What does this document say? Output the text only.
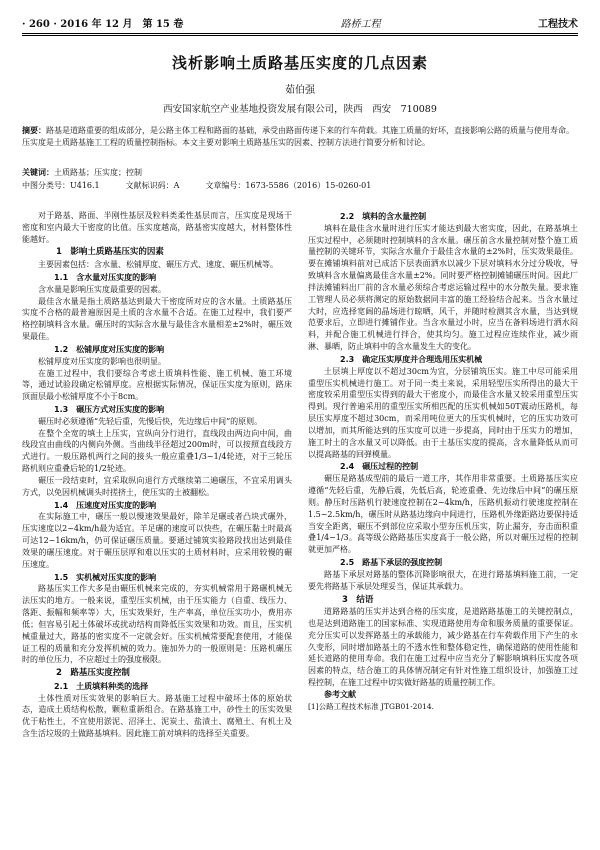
· 260 · 2016 年 12 月　第 15 卷	路桥工程	工程技术
浅析影响土质路基压实度的几点因素
茹伯强
西安国家航空产业基地投资发展有限公司，陕西　西安　710089
摘要：路基是道路重要的组成部分，是公路主体工程和路面的基础，承受由路面传递下来的行车荷载。其施工质量的好坏，直接影响公路的质量与使用寿命。压实度是土质路基施工工程的质量控制指标。本文主要对影响土质路基压实的因素、控制方法进行简要分析和讨论。
关键词：土质路基；压实度；控制
中图分类号：U416.1	文献标识码：A	文章编号：1673-5586（2016）15-0260-01

对于路基、路面、半刚性基层及粒料类柔性基层而言，压实度是现场干密度和室内最大干密度的比值。压实度越高，路基密实度越大，材料整体性能越好。

1　影响土质路基压实的因素

主要因素包括：含水量、松铺厚度、碾压方式、速度、碾压机械等。

1.1　含水量对压实度的影响

含水量是影响压实度最重要的因素。

最佳含水量是指土质路基达到最大干密度所对应的含水量。土质路基压实度不合格的最普遍原因是土质的含水量不合适。在施工过程中，我们要严格控制填料含水量。碾压时的实际含水量与最佳含水量相差±2%时，碾压效果最佳。

1.2　松铺厚度对压实度的影响

松铺厚度对压实度的影响也很明显。

在施工过程中，我们要综合考虑土质填料性能、施工机械、施工环境等，通过试验段确定松铺厚度。应根据实际情况，保证压实度为原则，路床顶面层最小松铺厚度不小于8cm。

1.3　碾压方式对压实度的影响

碾压时必须遵循“先轻后重，先慢后快，先边缘后中间”的原则。

在整个全宽的填土上压实，宜纵向分行进行，直线段由两边向中间，曲线段宜由曲线的内侧向外侧。当曲线半径超过200m时，可以按照直线段方式进行。一般压路机两行之间的接头一般应重叠1/3~1/4轮迹，对于三轮压路机则应重叠后轮的1/2轮迹。

碾压一段结束时，宜采取纵向退行方式继续第二遍碾压，不宜采用调头方式，以免因机械调头时搓挤土，使压实的土被翻松。

1.4　压速度对压实度的影响

在实际施工中，碾压一般以慢速效果最好，除羊足碾或者凸块式碾外，压实速度以2~4km/h最为适宜。羊足碾的速度可以快些，在碾压黏土时最高可达12~16km/h，仍可保证碾压质量。要通过铺筑实验路段找出达到最佳效果的碾压速度。对于碾压层厚和难以压实的土质材料时，应采用较慢的碾压速度。

1.5　实机械对压实度的影响

路基压实工作大多是由碾压机械来完成的，夯实机械常用于路碾机械无法压实的地方。一般来说，重型压实机械，由于压实能力（自重、线压力、落距、振幅和频率等）大，压实效果好，生产率高，单位压实功小，费用亦低；但容易引起土体破坏或扰动结构而降低压实效果和功效。而且，压实机械重量过大，路基的密实度不一定就会好。压实机械常要配套使用，才能保证工程的质量和充分发挥机械的效力。施加外力的一般原则是：压路机碾压时的单位压力，不应超过土的强度极限。

2　路基压实度控制

2.1　土质填料种类的选择

土体性质对压实效果的影响巨大。路基施工过程中破坏土体的原始状态，造成土质结构松散，颗粒重新组合。在路基施工中，砂性土的压实效果优于粘性土，不宜使用淤泥、沼泽土、泥炭土、盐渍土、腐殖土、有机土及含生活垃圾的土做路基填料。因此施工前对填料的选择至关重要。

2.2　填料的含水量控制

填料在最佳含水量时进行压实才能达到最大密实度，因此，在路基填土压实过程中，必须随时控制填料的含水量。碾压前含水量控制对整个施工质量控制的关键环节，实际含水量介于最佳含水量的±2%时，压实效果最佳。要在摊铺填料前对已成活下层表面洒水以减少下层对填料水分过分吸收，导致填料含水量偏离最佳含水量±2%。同时要严格控制摊铺碾压时间。因此厂拌法摊铺料出厂前的含水量必须综合考虑运输过程中的水分散失量。要求施工管理人员必须将测定的原始数据同丰富的施工经验结合起来。当含水量过大时，应选择宽阔的晶场进行晾晒，风干，并随时检测其含水量，当达到规范要求后，立即进行摊铺作业。当含水量过小时，应当在备料场进行洒水闷料，并配合施工机械进行拌合，使其均匀。施工过程应连续作业，减少雨淋、暴晒，防止填料中的含水量发生大的变化。

2.3　确定压实厚度并合理选用压实机械

土层填上厚度以不超过30cm为宜，分层铺筑压实。施工中尽可能采用重型压实机械进行施工。对于同一类土来说，采用轻型压实所得出的最大干密度较采用重型压实得到的最大干密度小，而最佳含水量又较采用重型压实得到。现行普遍采用的重型压实所相匹配的压实机械如50T震动压路机，每层压实厚度不超过30cm，而采用吨位更大的压实机械时，它的压实功效可以增加，而其所能达到的压实度可以进一步提高，同时由于压实力的增加，施工时土的含水量又可以降低。由于土基压实度的提高，含水量降低从而可以提高路基的回弹模量。

2.4　碾压过程的控制

碾压是路基成型前的最后一道工序，其作用非常重要。土质路基压实应遵循“先轻后重，先静后震，先低后高，轮迹重叠、先边缘后中间”的碾压原则。静压时压路机行驶速度控制在2~4km/h，压路机振动行驶速度控制在1.5~2.5km/h，碾压时从路基边缘向中间进行，压路机外缘距路边要保持适当安全距离，碾压不到部位应采取小型夯压机压实，防止漏夯，夯击面积重叠1/4~1/3。高等级公路路基压实度高于一般公路，所以对碾压过程的控制就更加严格。

2.5　路基下承层的强度控制

路基下承层对路基的整体沉降影响很大，在进行路基填料施工前，一定要先将路基下承层处理妥当，保证其承载力。

3　结语

道路路基的压实并达到合格的压实度，是道路路基施工的关键控制点，也是达到道路施工的国家标准、实现道路使用寿命和服务质量的重要保证。充分压实可以发挥路基土的承载能力，减少路基在行车荷载作用下产生的永久变形，同时增加路基土的不透水性和整体稳定性，确保道路的使用性能和延长道路的使用寿命。我们在施工过程中应当充分了解影响填料压实度各项因素的特点，结合施工的具体情况制定有针对性施工组织设计，加强施工过程控制，在施工过程中切实做好路基的质量控制工作。

参考文献

[1]公路工程技术标准 JTGB01-2014.
